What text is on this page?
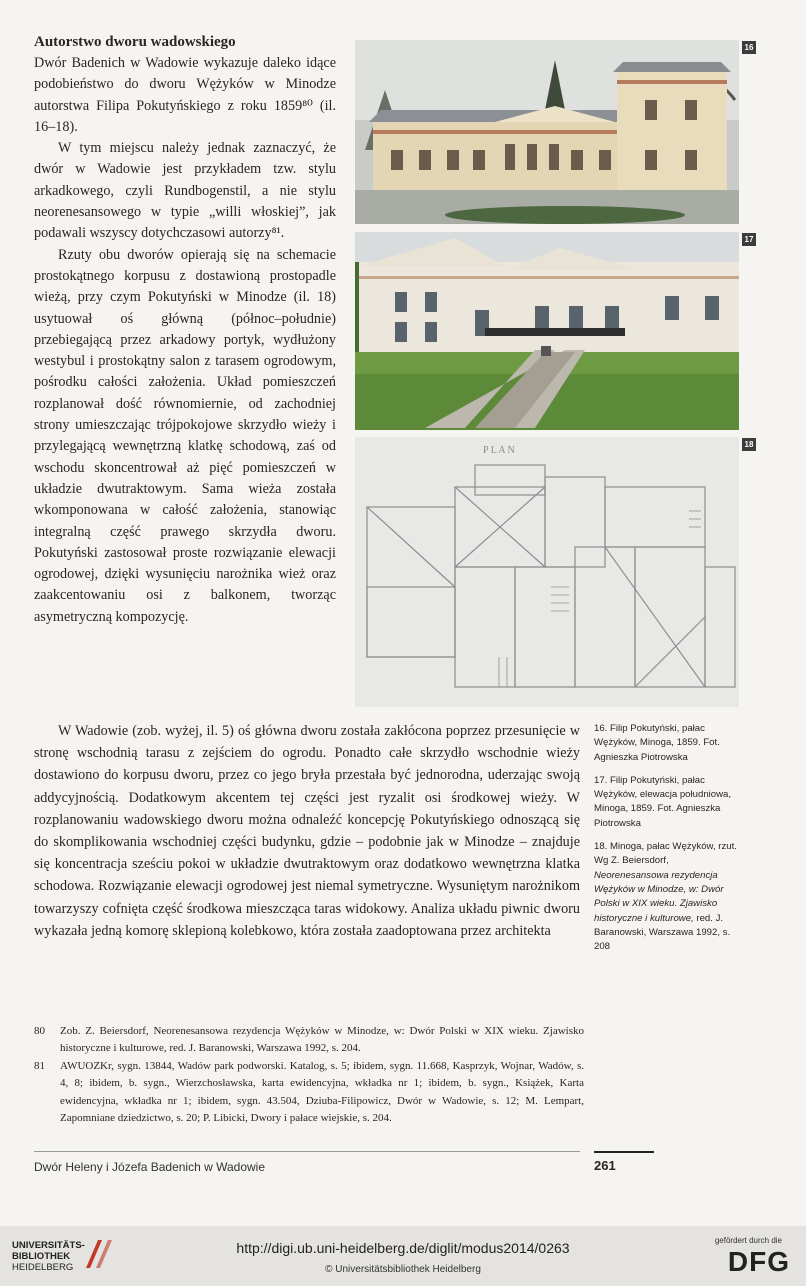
Autorstwo dworu wadowskiego

Dwór Badenich w Wadowie wykazuje daleko idące podobieństwo do dworu Wężyków w Minodze autorstwa Filipa Pokutyńskiego z roku 1859⁸⁰ (il. 16–18).

W tym miejscu należy jednak zaznaczyć, że dwór w Wadowie jest przykładem tzw. stylu arkadkowego, czyli Rundbogenstil, a nie stylu neorenesansowego w typie „willi włoskiej”, jak podawali wszyscy dotychczasowi autorzy⁸¹.

Rzuty obu dworów opierają się na schemacie prostokątnego korpusu z dostawioną prostopadle wieżą, przy czym Pokutyński w Minodze (il. 18) usytuował oś główną (północ–południe) przebiegającą przez arkadowy portyk, wydłużony westybul i prostokątny salon z tarasem ogrodowym, pośrodku całości założenia. Układ pomieszczeń rozplanował dość równomiernie, od zachodniej strony umieszczając trójpokojowe skrzydło wieży i przylegającą wewnętrzną klatkę schodową, zaś od wschodu skoncentrował aż pięć pomieszczeń w układzie dwutraktowym. Sama wieża została wkomponowana w całość założenia, stanowiąc integralną część prawego skrzydła dworu. Pokutyński zastosował proste rozwiązanie elewacji ogrodowej, dzięki wysunięciu narożnika wież oraz zaakcentowaniu osi z balkonem, tworząc asymetryczną kompozycję.

16
17
P L A N
18

W Wadowie (zob. wyżej, il. 5) oś główna dworu została zakłócona poprzez przesunięcie w stronę wschodnią tarasu z zejściem do ogrodu. Ponadto całe skrzydło wschodnie wieży dostawiono do korpusu dworu, przez co jego bryła przestała być jednorodna, uderzając swoją addycyjnością. Dodatkowym akcentem tej części jest ryzalit osi środkowej wieży. W rozplanowaniu wadowskiego dworu można odnaleźć koncepcję Pokutyńskiego odnoszącą się do skomplikowania wschodniej części budynku, gdzie – podobnie jak w Minodze – znajduje się koncentracja sześciu pokoi w układzie dwutraktowym oraz dodatkowo wewnętrzna klatka schodowa. Rozwiązanie elewacji ogrodowej jest niemal symetryczne. Wysuniętym narożnikom towarzyszy cofnięta część środkowa mieszcząca taras widokowy. Analiza układu piwnic dworu wykazała jedną komorę sklepioną kolebkowo, która została zaadoptowana przez architekta

16. Filip Pokutyński, pałac Wężyków, Minoga, 1859. Fot. Agnieszka Piotrowska
17. Filip Pokutyński, pałac Wężyków, elewacja południowa, Minoga, 1859. Fot. Agnieszka Piotrowska
18. Minoga, pałac Wężyków, rzut. Wg Z. Beiersdorf, Neorenesansowa rezydencja Wężyków w Minodze, w: Dwór Polski w XIX wieku. Zjawisko historyczne i kulturowe, red. J. Baranowski, Warszawa 1992, s. 208
80 Zob. Z. Beiersdorf, Neorenesansowa rezydencja Wężyków w Minodze, w: Dwór Polski w XIX wieku. Zjawisko historyczne i kulturowe, red. J. Baranowski, Warszawa 1992, s. 204.
81 AWUOZKr, sygn. 13844, Wadów park podworski. Katalog, s. 5; ibidem, sygn. 11.668, Kasprzyk, Wojnar, Wadów, s. 4, 8; ibidem, b. sygn., Wierzchosławska, karta ewidencyjna, wkładka nr 1; ibidem, b. sygn., Książek, Karta ewidencyjna, wkładka nr 1; ibidem, sygn. 43.504, Dziuba-Filipowicz, Dwór w Wadowie, s. 12; M. Lempart, Zapomniane dziedzictwo, s. 20; P. Libicki, Dwory i pałace wiejskie, s. 204.
Dwór Heleny i Józefa Badenich w Wadowie	261
UNIVERSITÄTS-
BIBLIOTHEK
HEIDELBERG
http://digi.ub.uni-heidelberg.de/diglit/modus2014/0263
© Universitätsbibliothek Heidelberg
gefördert durch die
DFG
